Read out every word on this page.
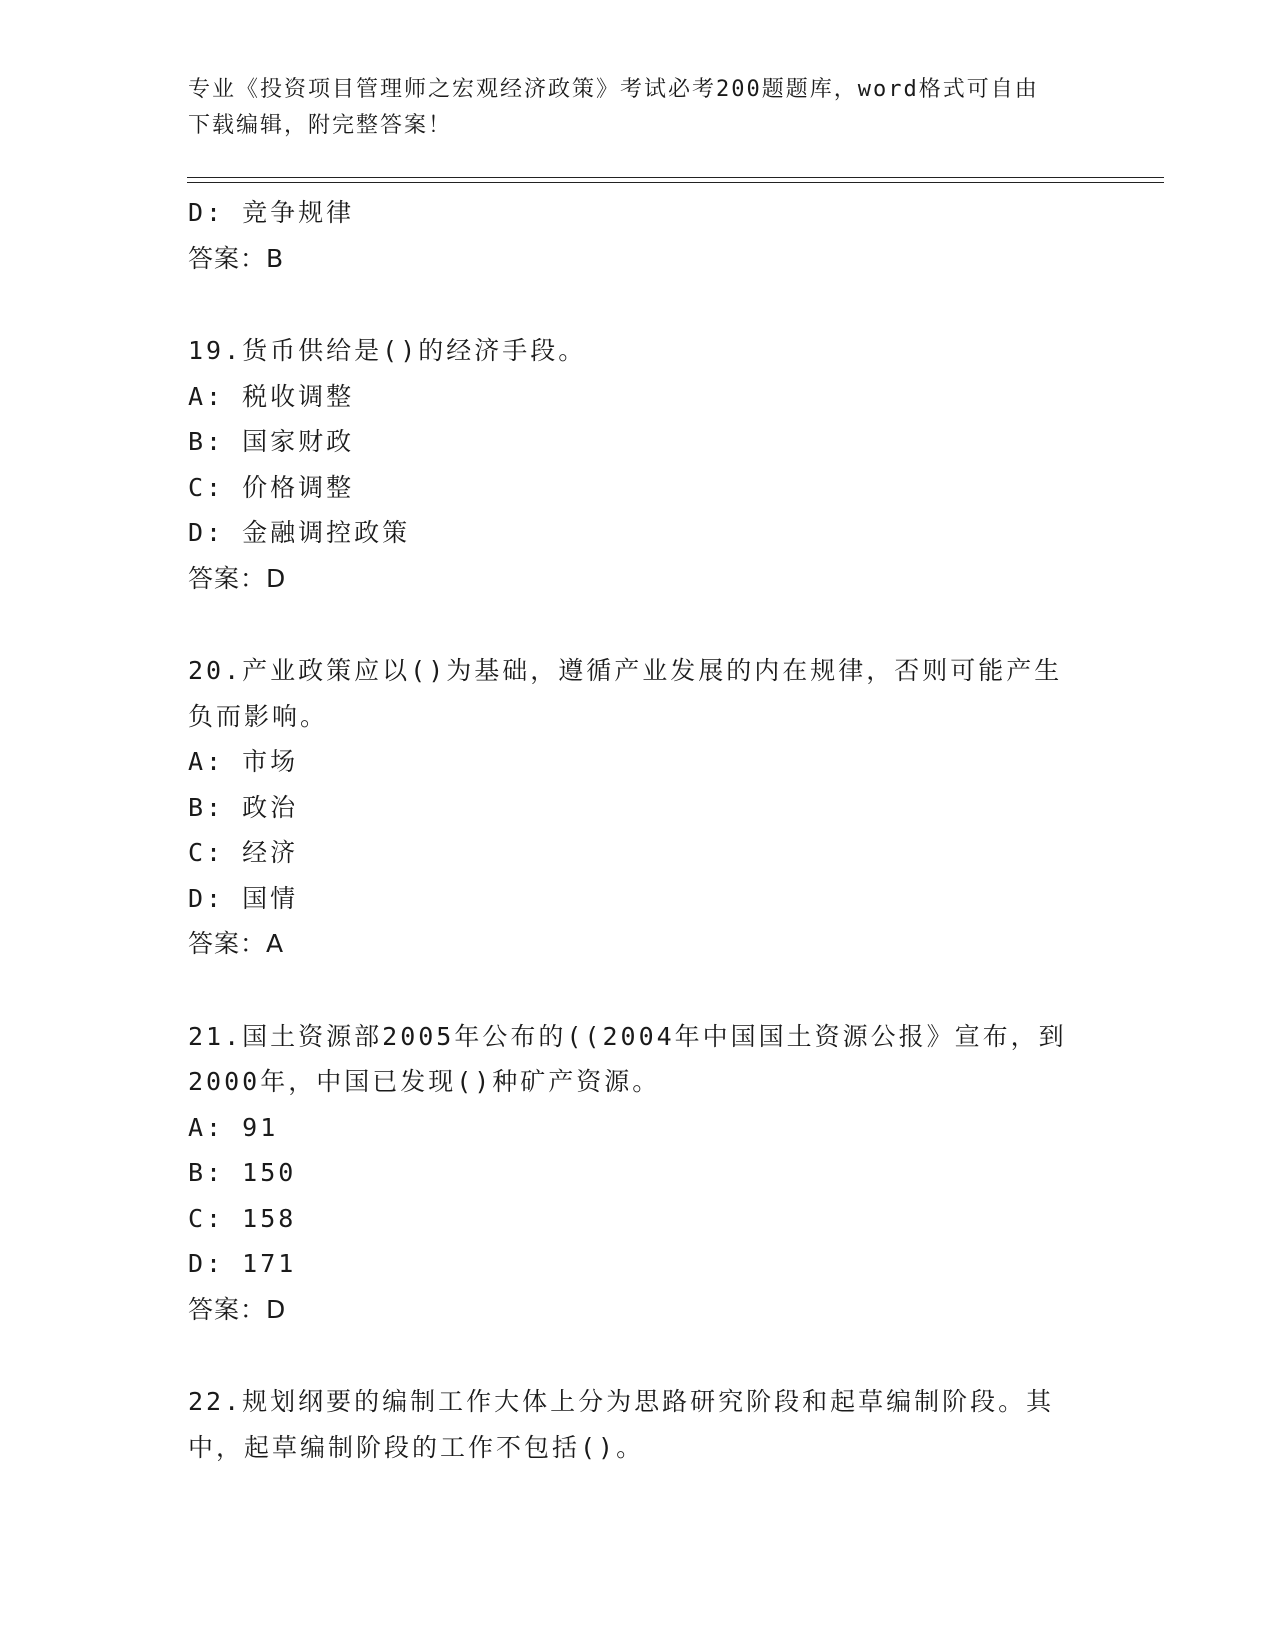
专业《投资项目管理师之宏观经济政策》考试必考200题题库，word格式可自由
下载编辑，附完整答案！
D: 竞争规律
答案：B
19.货币供给是()的经济手段。
A: 税收调整
B: 国家财政
C: 价格调整
D: 金融调控政策
答案：D
20.产业政策应以()为基础，遵循产业发展的内在规律，否则可能产生
负而影响。
A: 市场
B: 政治
C: 经济
D: 国情
答案：A
21.国土资源部2005年公布的((2004年中国国土资源公报》宣布，到
2000年，中国已发现()种矿产资源。
A: 91
B: 150
C: 158
D: 171
答案：D
22.规划纲要的编制工作大体上分为思路研究阶段和起草编制阶段。其
中，起草编制阶段的工作不包括()。
